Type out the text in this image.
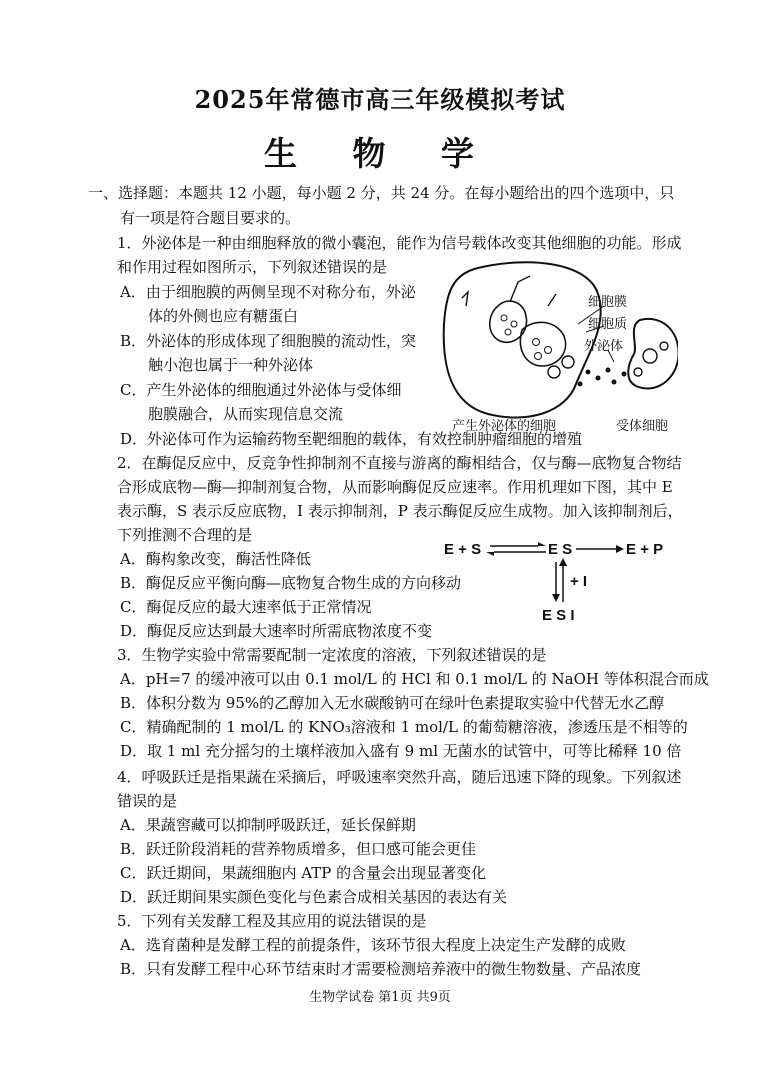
2025年常德市高三年级模拟考试
生 物 学
一、选择题：本题共 12 小题，每小题 2 分，共 24 分。在每小题给出的四个选项中，只
有一项是符合题目要求的。
1．外泌体是一种由细胞释放的微小囊泡，能作为信号载体改变其他细胞的功能。形成
和作用过程如图所示，下列叙述错误的是
A．由于细胞膜的两侧呈现不对称分布，外泌
体的外侧也应有糖蛋白
B．外泌体的形成体现了细胞膜的流动性，突
触小泡也属于一种外泌体
C．产生外泌体的细胞通过外泌体与受体细
胞膜融合，从而实现信息交流
D．外泌体可作为运输药物至靶细胞的载体，有效控制肿瘤细胞的增殖
细胞膜
细胞质
外泌体
产生外泌体的细胞	受体细胞
2．在酶促反应中，反竞争性抑制剂不直接与游离的酶相结合，仅与酶—底物复合物结
合形成底物—酶—抑制剂复合物，从而影响酶促反应速率。作用机理如下图，其中 E
表示酶，S 表示反应底物，I 表示抑制剂，P 表示酶促反应生成物。加入该抑制剂后，
下列推测不合理的是
A．酶构象改变，酶活性降低
B．酶促反应平衡向酶—底物复合物生成的方向移动
C．酶促反应的最大速率低于正常情况
D．酶促反应达到最大速率时所需底物浓度不变
E + S	E S	E + P
+ I
E S I
3．生物学实验中常需要配制一定浓度的溶液，下列叙述错误的是
A．pH=7 的缓冲液可以由 0.1 mol/L 的 HCl 和 0.1 mol/L 的 NaOH 等体积混合而成
B．体积分数为 95%的乙醇加入无水碳酸钠可在绿叶色素提取实验中代替无水乙醇
C．精确配制的 1 mol/L 的 KNO₃溶液和 1 mol/L 的葡萄糖溶液，渗透压是不相等的
D．取 1 ml 充分摇匀的土壤样液加入盛有 9 ml 无菌水的试管中，可等比稀释 10 倍
4．呼吸跃迁是指果蔬在采摘后，呼吸速率突然升高，随后迅速下降的现象。下列叙述
错误的是
A．果蔬窖藏可以抑制呼吸跃迁，延长保鲜期
B．跃迁阶段消耗的营养物质增多，但口感可能会更佳
C．跃迁期间，果蔬细胞内 ATP 的含量会出现显著变化
D．跃迁期间果实颜色变化与色素合成相关基因的表达有关
5．下列有关发酵工程及其应用的说法错误的是
A．选育菌种是发酵工程的前提条件，该环节很大程度上决定生产发酵的成败
B．只有发酵工程中心环节结束时才需要检测培养液中的微生物数量、产品浓度
生物学试卷 第1页 共9页
